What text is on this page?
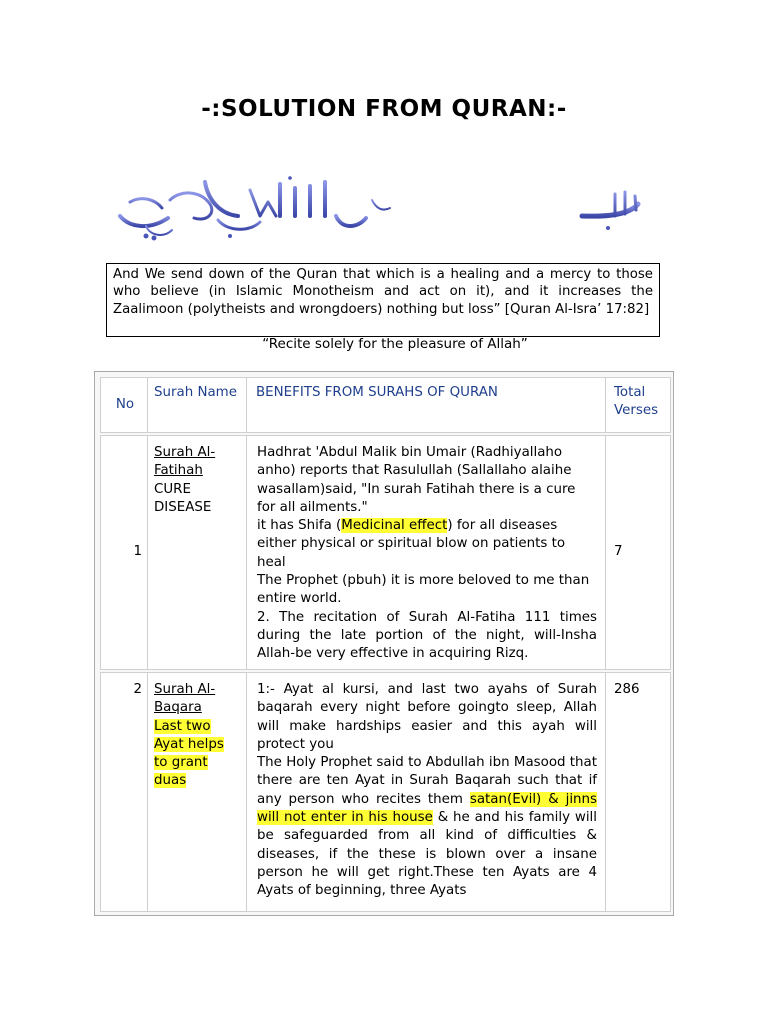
-:SOLUTION FROM QURAN:-
And We send down of the Quran that which is a healing and a mercy to those who believe (in Islamic Monotheism and act on it), and it increases the Zaalimoon (polytheists and wrongdoers) nothing but loss” [Quran Al-Isra’ 17:82]
“Recite solely for the pleasure of Allah”
No
Surah Name	BENEFITS FROM SURAHS OF QURAN	Total Verses
1
Surah Al-Fatihah
CURE DISEASE
Hadhrat 'Abdul Malik bin Umair (Radhiyallaho anho) reports that Rasulullah (Sallallaho alaihe wasallam)said, "In surah Fatihah there is a cure for all ailments."
it has Shifa (Medicinal effect) for all diseases either physical or spiritual blow on patients to heal
The Prophet (pbuh) it is more beloved to me than entire world.
2. The recitation of Surah Al-Fatiha 111 times during the late portion of the night, will-Insha Allah-be very effective in acquiring Rizq.
7
2 Surah Al-Baqara
Last two Ayat helps to grant duas
1:- Ayat al kursi, and last two ayahs of Surah baqarah every night before goingto sleep, Allah will make hardships easier and this ayah will protect you
The Holy Prophet said to Abdullah ibn Masood that there are ten Ayat in Surah Baqarah such that if any person who recites them satan(Evil) & jinns will not enter in his house & he and his family will be safeguarded from all kind of difficulties & diseases, if the these is blown over a insane person he will get right.These ten Ayats are 4 Ayats of beginning, three Ayats
286
